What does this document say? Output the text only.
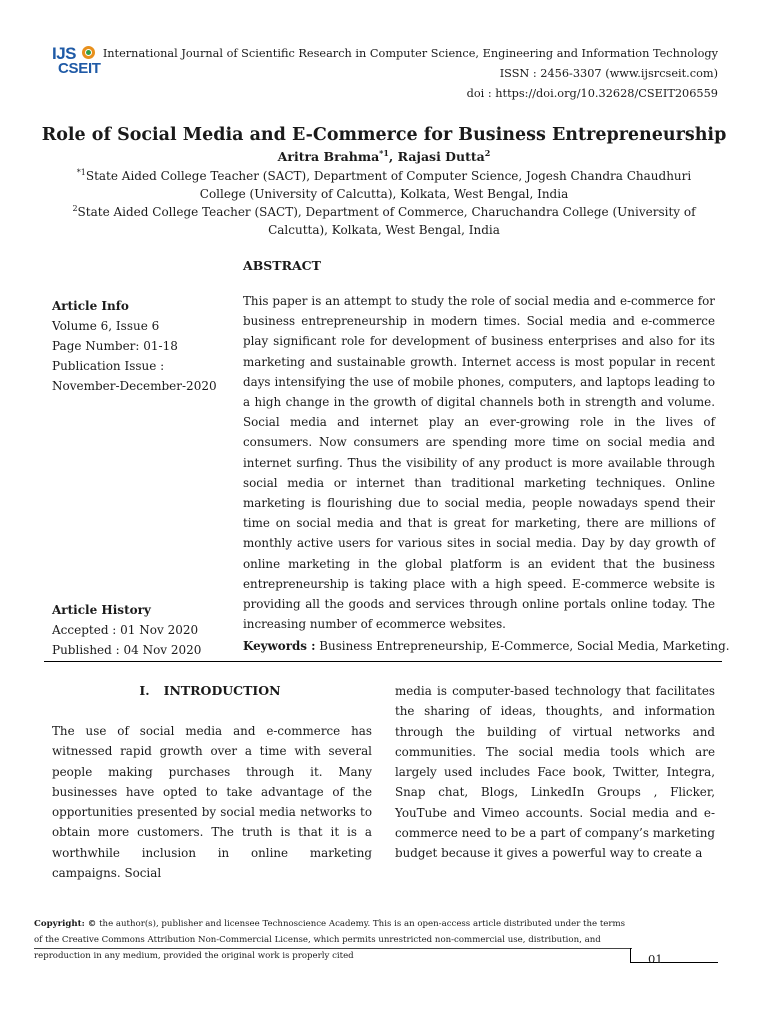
IJS
CSEIT
International Journal of Scientific Research in Computer Science, Engineering and Information Technology
ISSN : 2456-3307 (www.ijsrcseit.com)
doi : https://doi.org/10.32628/CSEIT206559
Role of Social Media and E-Commerce for Business Entrepreneurship
Aritra Brahma$^{*1}$, Rajasi Dutta$^2$
$^{*1}$State Aided College Teacher (SACT), Department of Computer Science, Jogesh Chandra Chaudhuri College (University of Calcutta), Kolkata, West Bengal, India
$^2$State Aided College Teacher (SACT), Department of Commerce, Charuchandra College (University of Calcutta), Kolkata, West Bengal, India
ABSTRACT
Article Info
Volume 6, Issue 6
Page Number: 01-18
Publication Issue :
November-December-2020
Article History
Accepted : 01 Nov 2020
Published : 04 Nov 2020
This paper is an attempt to study the role of social media and e-commerce for business entrepreneurship in modern times. Social media and e-commerce play significant role for development of business enterprises and also for its marketing and sustainable growth. Internet access is most popular in recent days intensifying the use of mobile phones, computers, and laptops leading to a high change in the growth of digital channels both in strength and volume. Social media and internet play an ever-growing role in the lives of consumers. Now consumers are spending more time on social media and internet surfing. Thus the visibility of any product is more available through social media or internet than traditional marketing techniques. Online marketing is flourishing due to social media, people nowadays spend their time on social media and that is great for marketing, there are millions of monthly active users for various sites in social media. Day by day growth of online marketing in the global platform is an evident that the business entrepreneurship is taking place with a high speed. E-commerce website is providing all the goods and services through online portals online today. The increasing number of ecommerce websites.
Keywords : Business Entrepreneurship, E-Commerce, Social Media, Marketing.
I. INTRODUCTION
The use of social media and e-commerce has witnessed rapid growth over a time with several people making purchases through it. Many businesses have opted to take advantage of the opportunities presented by social media networks to obtain more customers. The truth is that it is a worthwhile inclusion in online marketing campaigns. Social
media is computer-based technology that facilitates the sharing of ideas, thoughts, and information through the building of virtual networks and communities. The social media tools which are largely used includes Face book, Twitter, Integra, Snap chat, Blogs, LinkedIn Groups , Flicker, YouTube and Vimeo accounts. Social media and e-commerce need to be a part of company’s marketing budget because it gives a powerful way to create a
Copyright: © the author(s), publisher and licensee Technoscience Academy. This is an open-access article distributed under the terms of the Creative Commons Attribution Non-Commercial License, which permits unrestricted non-commercial use, distribution, and reproduction in any medium, provided the original work is properly cited	01
